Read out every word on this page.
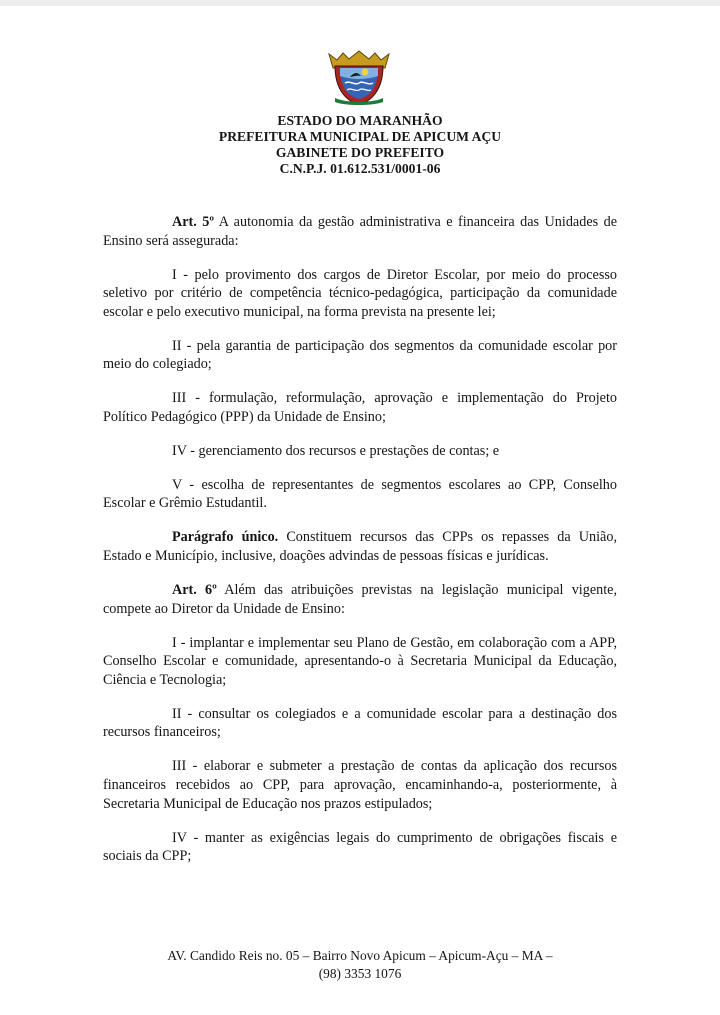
ESTADO DO MARANHÃO
PREFEITURA MUNICIPAL DE APICUM AÇU
GABINETE DO PREFEITO
C.N.P.J. 01.612.531/0001-06

Art. 5º A autonomia da gestão administrativa e financeira das Unidades de Ensino será assegurada:

I - pelo provimento dos cargos de Diretor Escolar, por meio do processo seletivo por critério de competência técnico-pedagógica, participação da comunidade escolar e pelo executivo municipal, na forma prevista na presente lei;

II - pela garantia de participação dos segmentos da comunidade escolar por meio do colegiado;

III - formulação, reformulação, aprovação e implementação do Projeto Político Pedagógico (PPP) da Unidade de Ensino;

IV - gerenciamento dos recursos e prestações de contas; e

V - escolha de representantes de segmentos escolares ao CPP, Conselho Escolar e Grêmio Estudantil.

Parágrafo único. Constituem recursos das CPPs os repasses da União, Estado e Município, inclusive, doações advindas de pessoas físicas e jurídicas.

Art. 6º Além das atribuições previstas na legislação municipal vigente, compete ao Diretor da Unidade de Ensino:

I - implantar e implementar seu Plano de Gestão, em colaboração com a APP, Conselho Escolar e comunidade, apresentando-o à Secretaria Municipal da Educação, Ciência e Tecnologia;

II - consultar os colegiados e a comunidade escolar para a destinação dos recursos financeiros;

III - elaborar e submeter a prestação de contas da aplicação dos recursos financeiros recebidos ao CPP, para aprovação, encaminhando-a, posteriormente, à Secretaria Municipal de Educação nos prazos estipulados;

IV - manter as exigências legais do cumprimento de obrigações fiscais e sociais da CPP;

AV. Candido Reis no. 05 – Bairro Novo Apicum – Apicum-Açu – MA –
(98) 3353 1076
